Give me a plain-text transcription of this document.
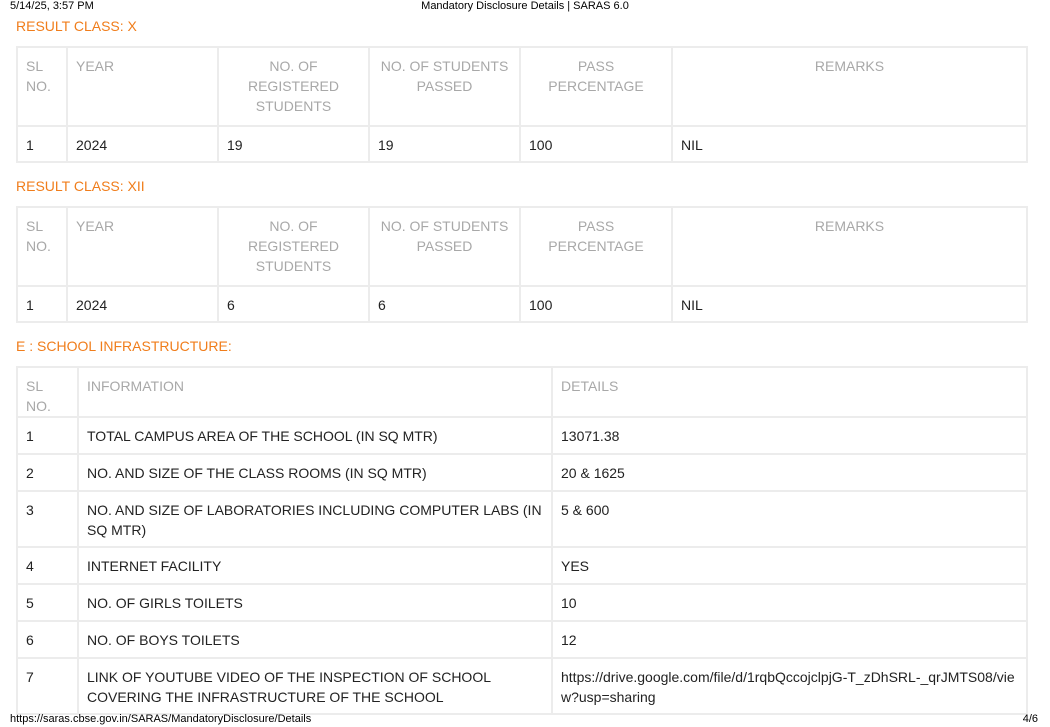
5/14/25, 3:57 PM	Mandatory Disclosure Details | SARAS 6.0
RESULT CLASS: X
SL NO.	YEAR	NO. OF REGISTERED STUDENTS	NO. OF STUDENTS PASSED	PASS PERCENTAGE	REMARKS
1	2024	19	19	100	NIL
RESULT CLASS: XII
SL NO.	YEAR	NO. OF REGISTERED STUDENTS	NO. OF STUDENTS PASSED	PASS PERCENTAGE	REMARKS
1	2024	6	6	100	NIL
E : SCHOOL INFRASTRUCTURE:
SL NO.	INFORMATION	DETAILS
1	TOTAL CAMPUS AREA OF THE SCHOOL (IN SQ MTR)	13071.38
2	NO. AND SIZE OF THE CLASS ROOMS (IN SQ MTR)	20 & 1625
3	NO. AND SIZE OF LABORATORIES INCLUDING COMPUTER LABS (IN SQ MTR)	5 & 600
4	INTERNET FACILITY	YES
5	NO. OF GIRLS TOILETS	10
6	NO. OF BOYS TOILETS	12
7	LINK OF YOUTUBE VIDEO OF THE INSPECTION OF SCHOOL COVERING THE INFRASTRUCTURE OF THE SCHOOL	https://drive.google.com/file/d/1rqbQccojclpjG-T_zDhSRL-_qrJMTS08/view?usp=sharing
https://saras.cbse.gov.in/SARAS/MandatoryDisclosure/Details	4/6
